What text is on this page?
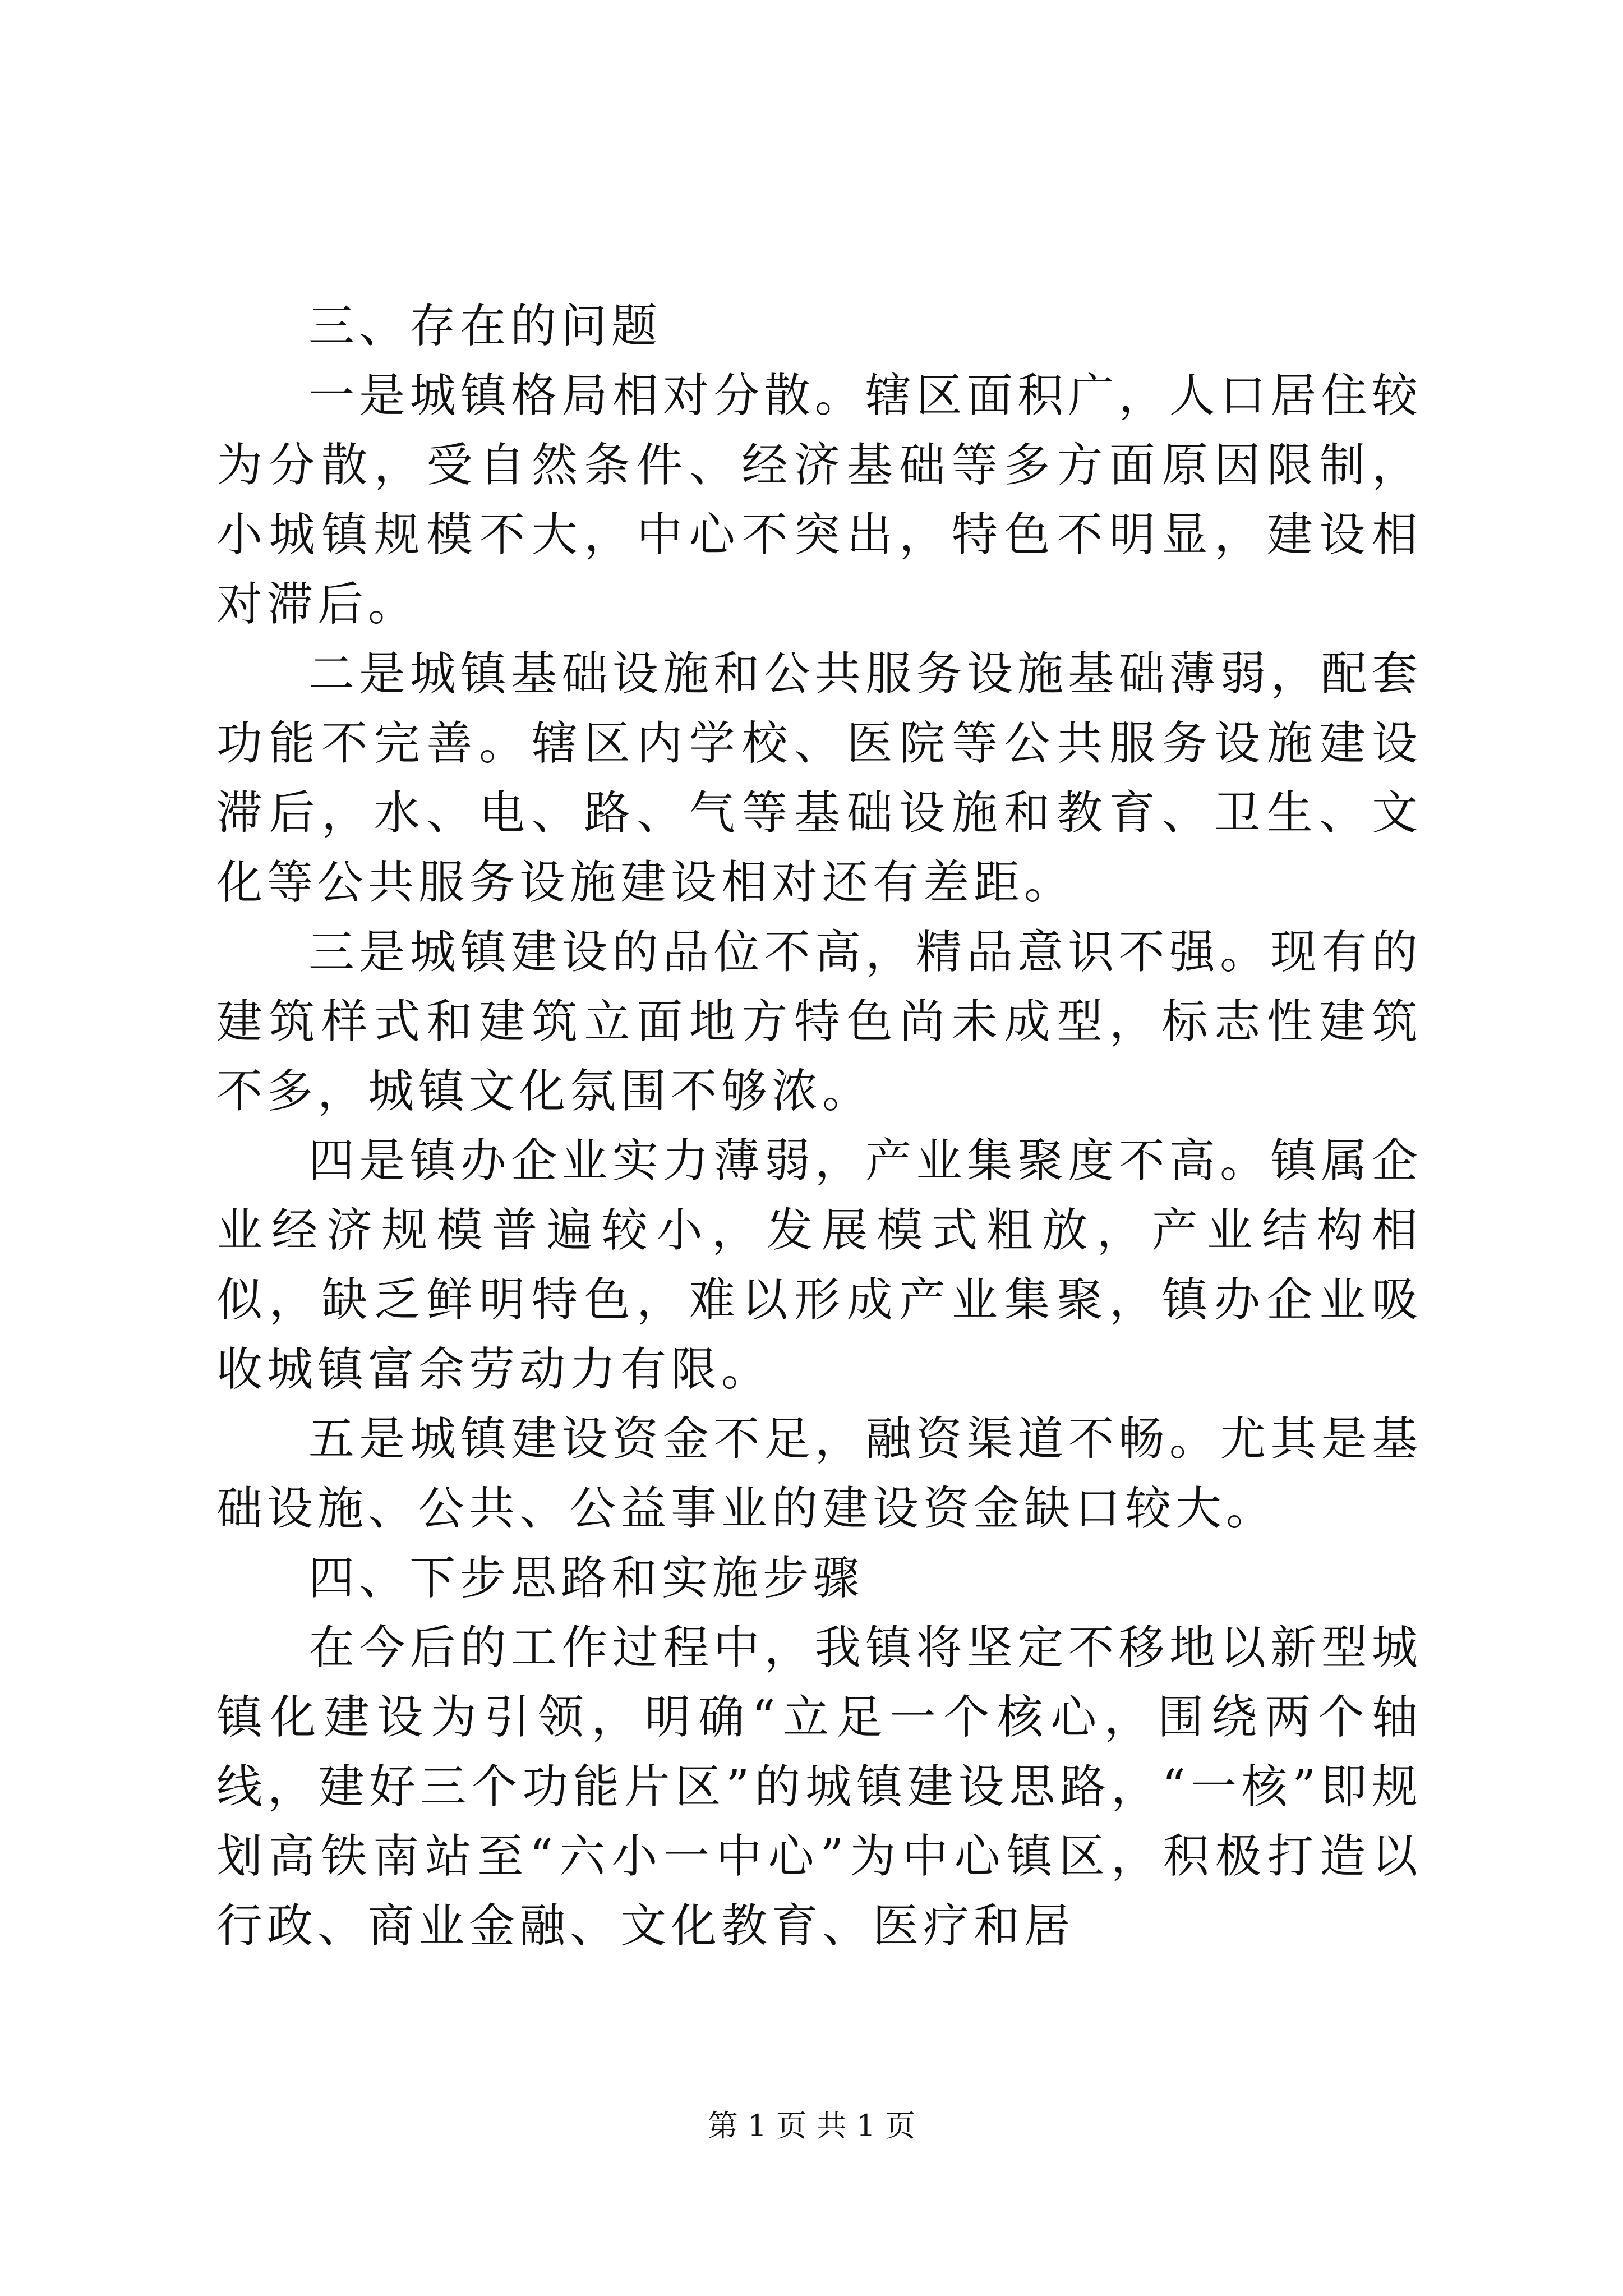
三、存在的问题

一是城镇格局相对分散。辖区面积广，人口居住较为分散，受自然条件、经济基础等多方面原因限制，小城镇规模不大，中心不突出，特色不明显，建设相对滞后。

二是城镇基础设施和公共服务设施基础薄弱，配套功能不完善。辖区内学校、医院等公共服务设施建设滞后，水、电、路、气等基础设施和教育、卫生、文化等公共服务设施建设相对还有差距。

三是城镇建设的品位不高，精品意识不强。现有的建筑样式和建筑立面地方特色尚未成型，标志性建筑不多，城镇文化氛围不够浓。

四是镇办企业实力薄弱，产业集聚度不高。镇属企业经济规模普遍较小，发展模式粗放，产业结构相似，缺乏鲜明特色，难以形成产业集聚，镇办企业吸收城镇富余劳动力有限。

五是城镇建设资金不足，融资渠道不畅。尤其是基础设施、公共、公益事业的建设资金缺口较大。

四、下步思路和实施步骤

在今后的工作过程中，我镇将坚定不移地以新型城镇化建设为引领，明确“立足一个核心，围绕两个轴线，建好三个功能片区”的城镇建设思路，“一核”即规划高铁南站至“六小一中心”为中心镇区，积极打造以行政、商业金融、文化教育、医疗和居

第 1 页 共 1 页
